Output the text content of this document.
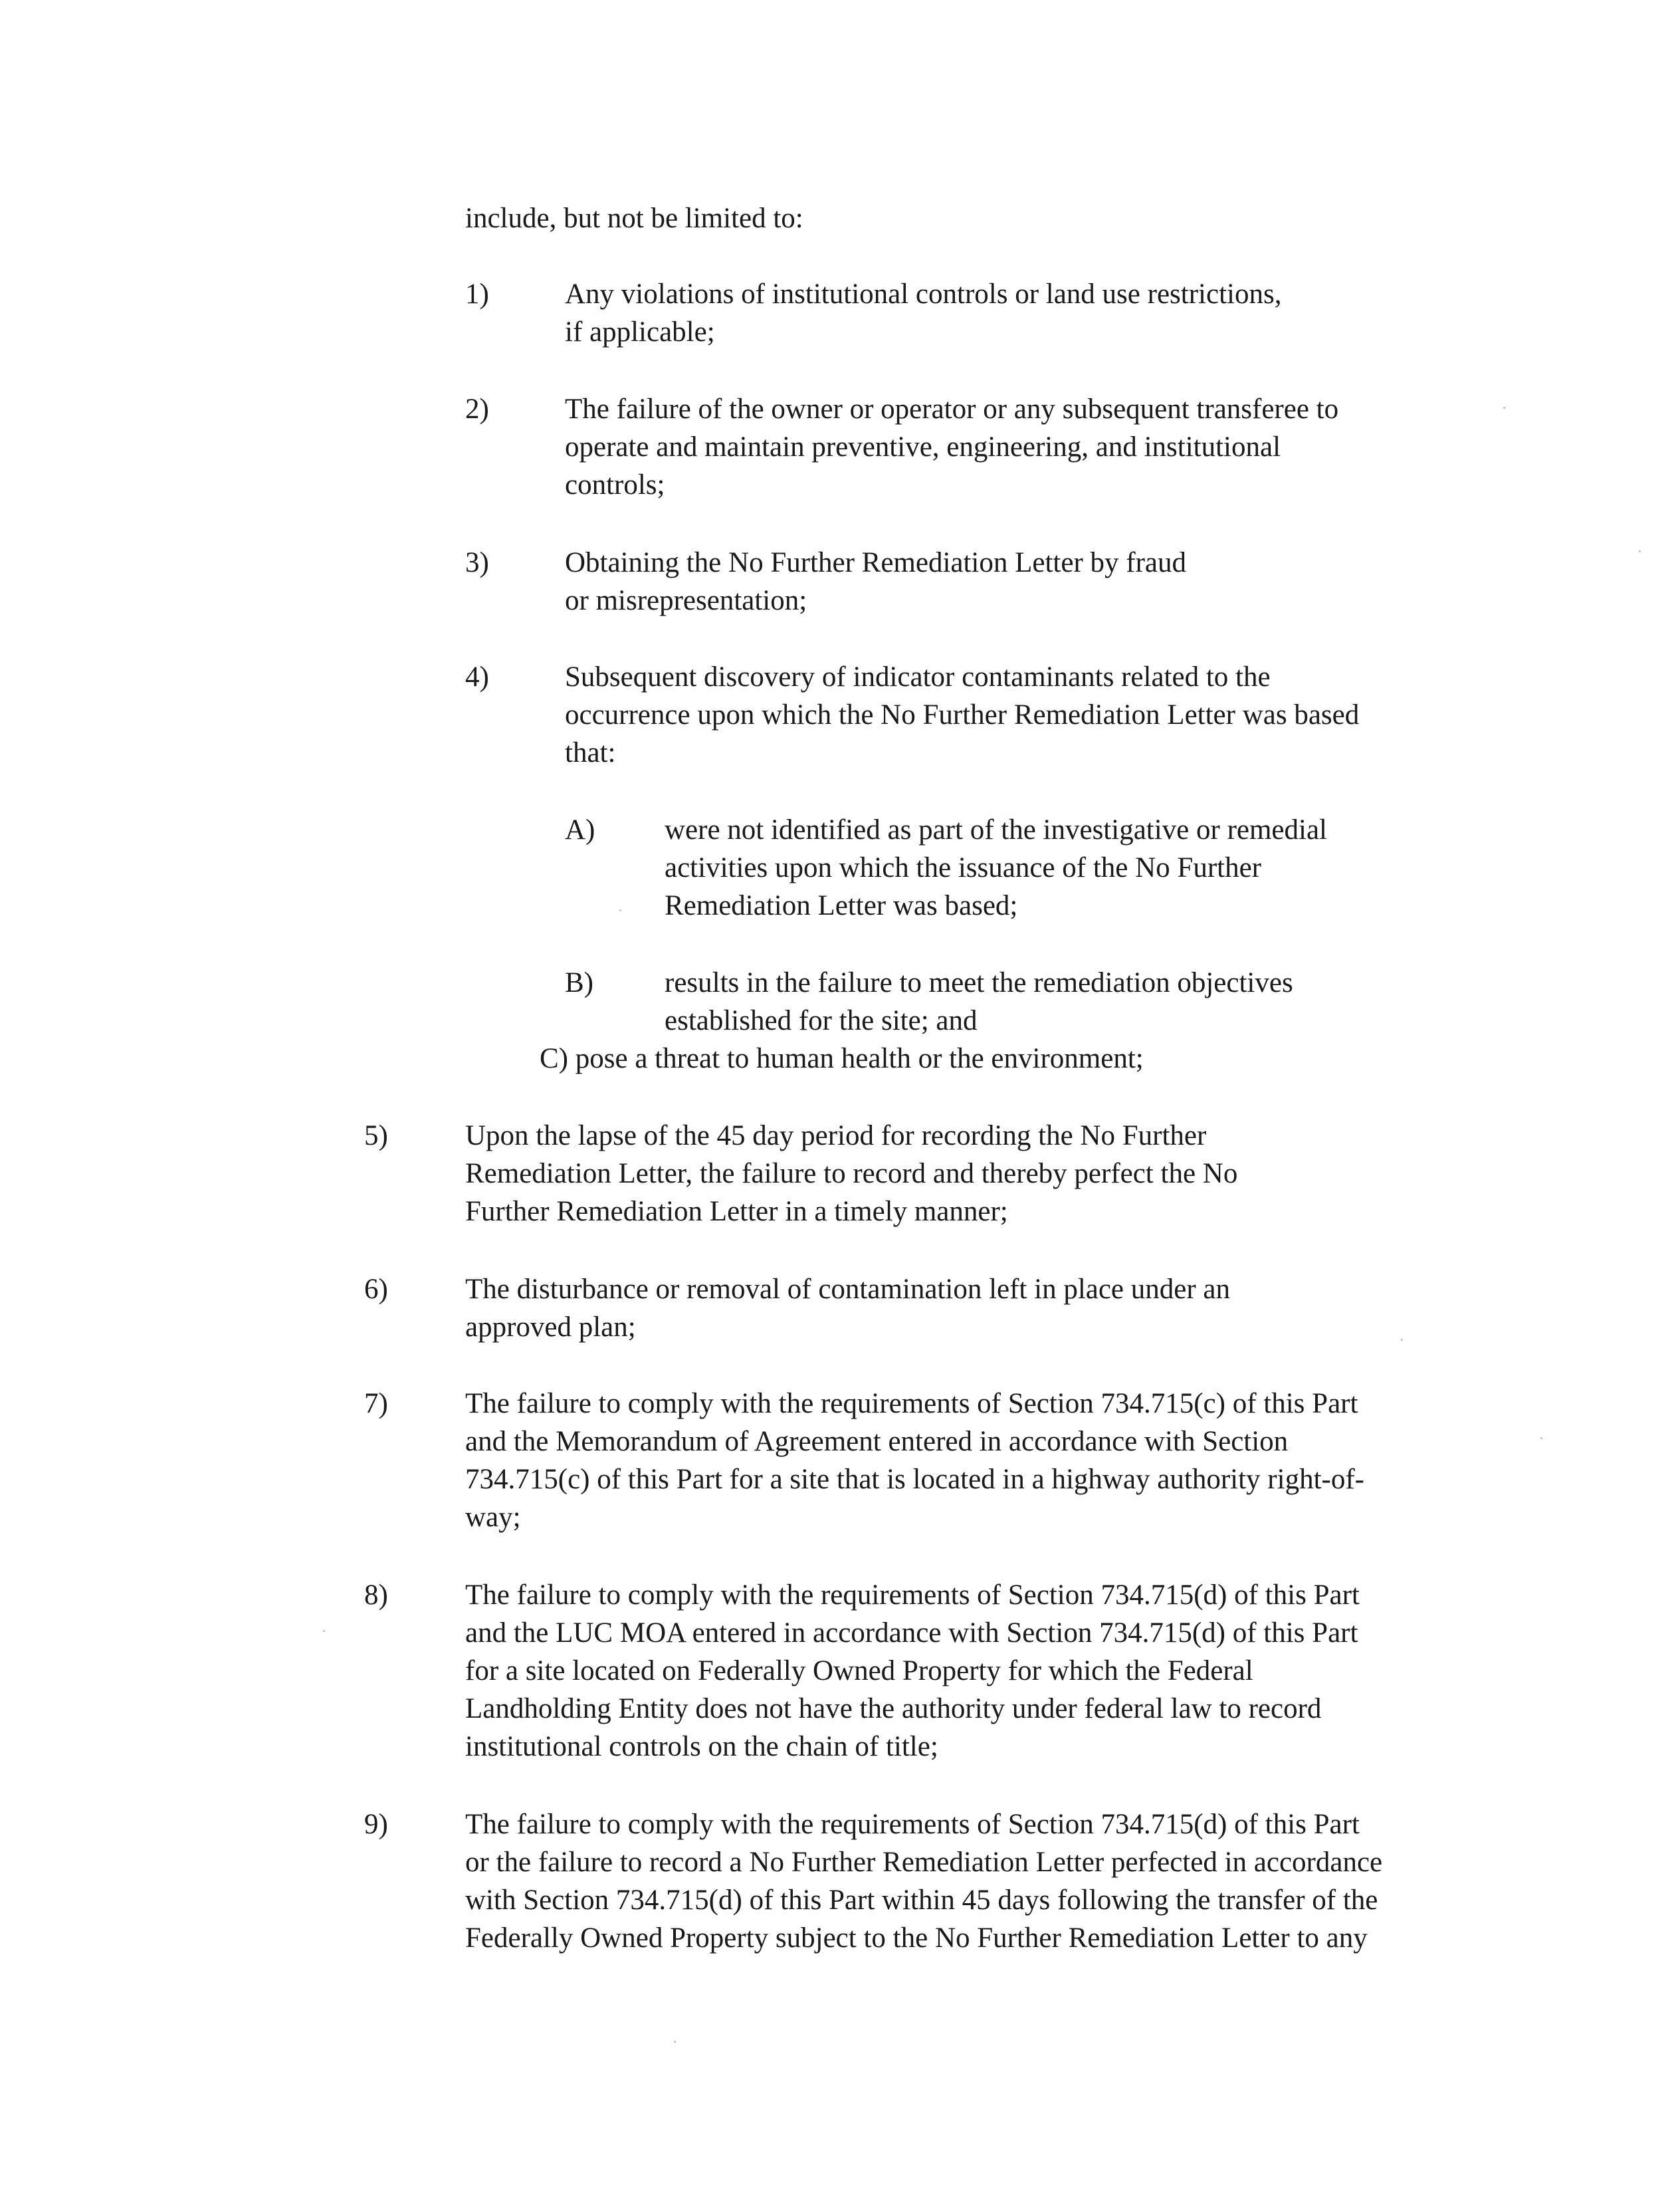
include, but not be limited to:
1)	Any violations of institutional controls or land use restrictions,
if applicable;
2)	The failure of the owner or operator or any subsequent transferee to
operate and maintain preventive, engineering, and institutional
controls;
3)	Obtaining the No Further Remediation Letter by fraud
or misrepresentation;
4)	Subsequent discovery of indicator contaminants related to the
occurrence upon which the No Further Remediation Letter was based
that:
A) were not identified as part of the investigative or remedial
activities upon which the issuance of the No Further
Remediation Letter was based;
B) results in the failure to meet the remediation objectives
established for the site; and
C) pose a threat to human health or the environment;
5)	Upon the lapse of the 45 day period for recording the No Further
Remediation Letter, the failure to record and thereby perfect the No
Further Remediation Letter in a timely manner;
6)	The disturbance or removal of contamination left in place under an
approved plan;
7)	The failure to comply with the requirements of Section 734.715(c) of this Part
and the Memorandum of Agreement entered in accordance with Section
734.715(c) of this Part for a site that is located in a highway authority right-of-
way;
8)	The failure to comply with the requirements of Section 734.715(d) of this Part
and the LUC MOA entered in accordance with Section 734.715(d) of this Part
for a site located on Federally Owned Property for which the Federal
Landholding Entity does not have the authority under federal law to record
institutional controls on the chain of title;
9)	The failure to comply with the requirements of Section 734.715(d) of this Part
or the failure to record a No Further Remediation Letter perfected in accordance
with Section 734.715(d) of this Part within 45 days following the transfer of the
Federally Owned Property subject to the No Further Remediation Letter to any
